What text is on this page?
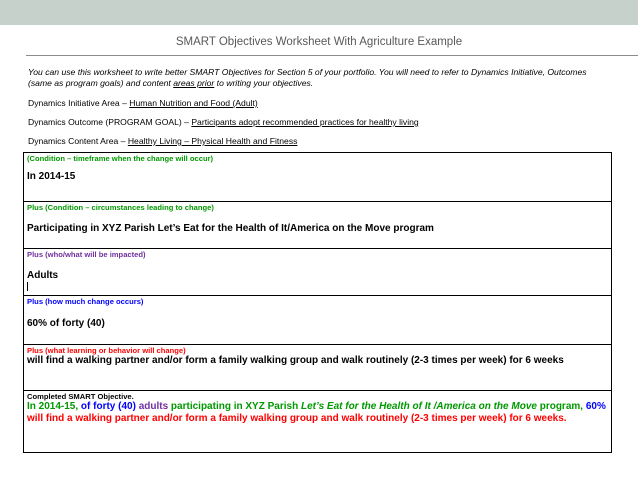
SMART Objectives Worksheet With Agriculture Example
You can use this worksheet to write better SMART Objectives for Section 5 of your portfolio. You will need to refer to Dynamics Initiative, Outcomes (same as program goals) and content areas prior to writing your objectives.
Dynamics Initiative Area – Human Nutrition and Food (Adult)
Dynamics Outcome (PROGRAM GOAL) – Participants adopt recommended practices for healthy living
Dynamics Content Area – Healthy Living – Physical Health and Fitness
(Condition – timeframe when the change will occur)
In 2014-15

Plus (Condition – circumstances leading to change)
Participating in XYZ Parish Let’s Eat for the Health of It/America on the Move program

Plus (who/what will be impacted)
Adults

Plus (how much change occurs)
60% of forty (40)

Plus (what learning or behavior will change)
will find a walking partner and/or form a family walking group and walk routinely (2-3 times per week) for 6 weeks

Completed SMART Objective.
In 2014-15, of forty (40) adults participating in XYZ Parish Let’s Eat for the Health of It /America on the Move program, 60% will find a walking partner and/or form a family walking group and walk routinely (2-3 times per week) for 6 weeks.
